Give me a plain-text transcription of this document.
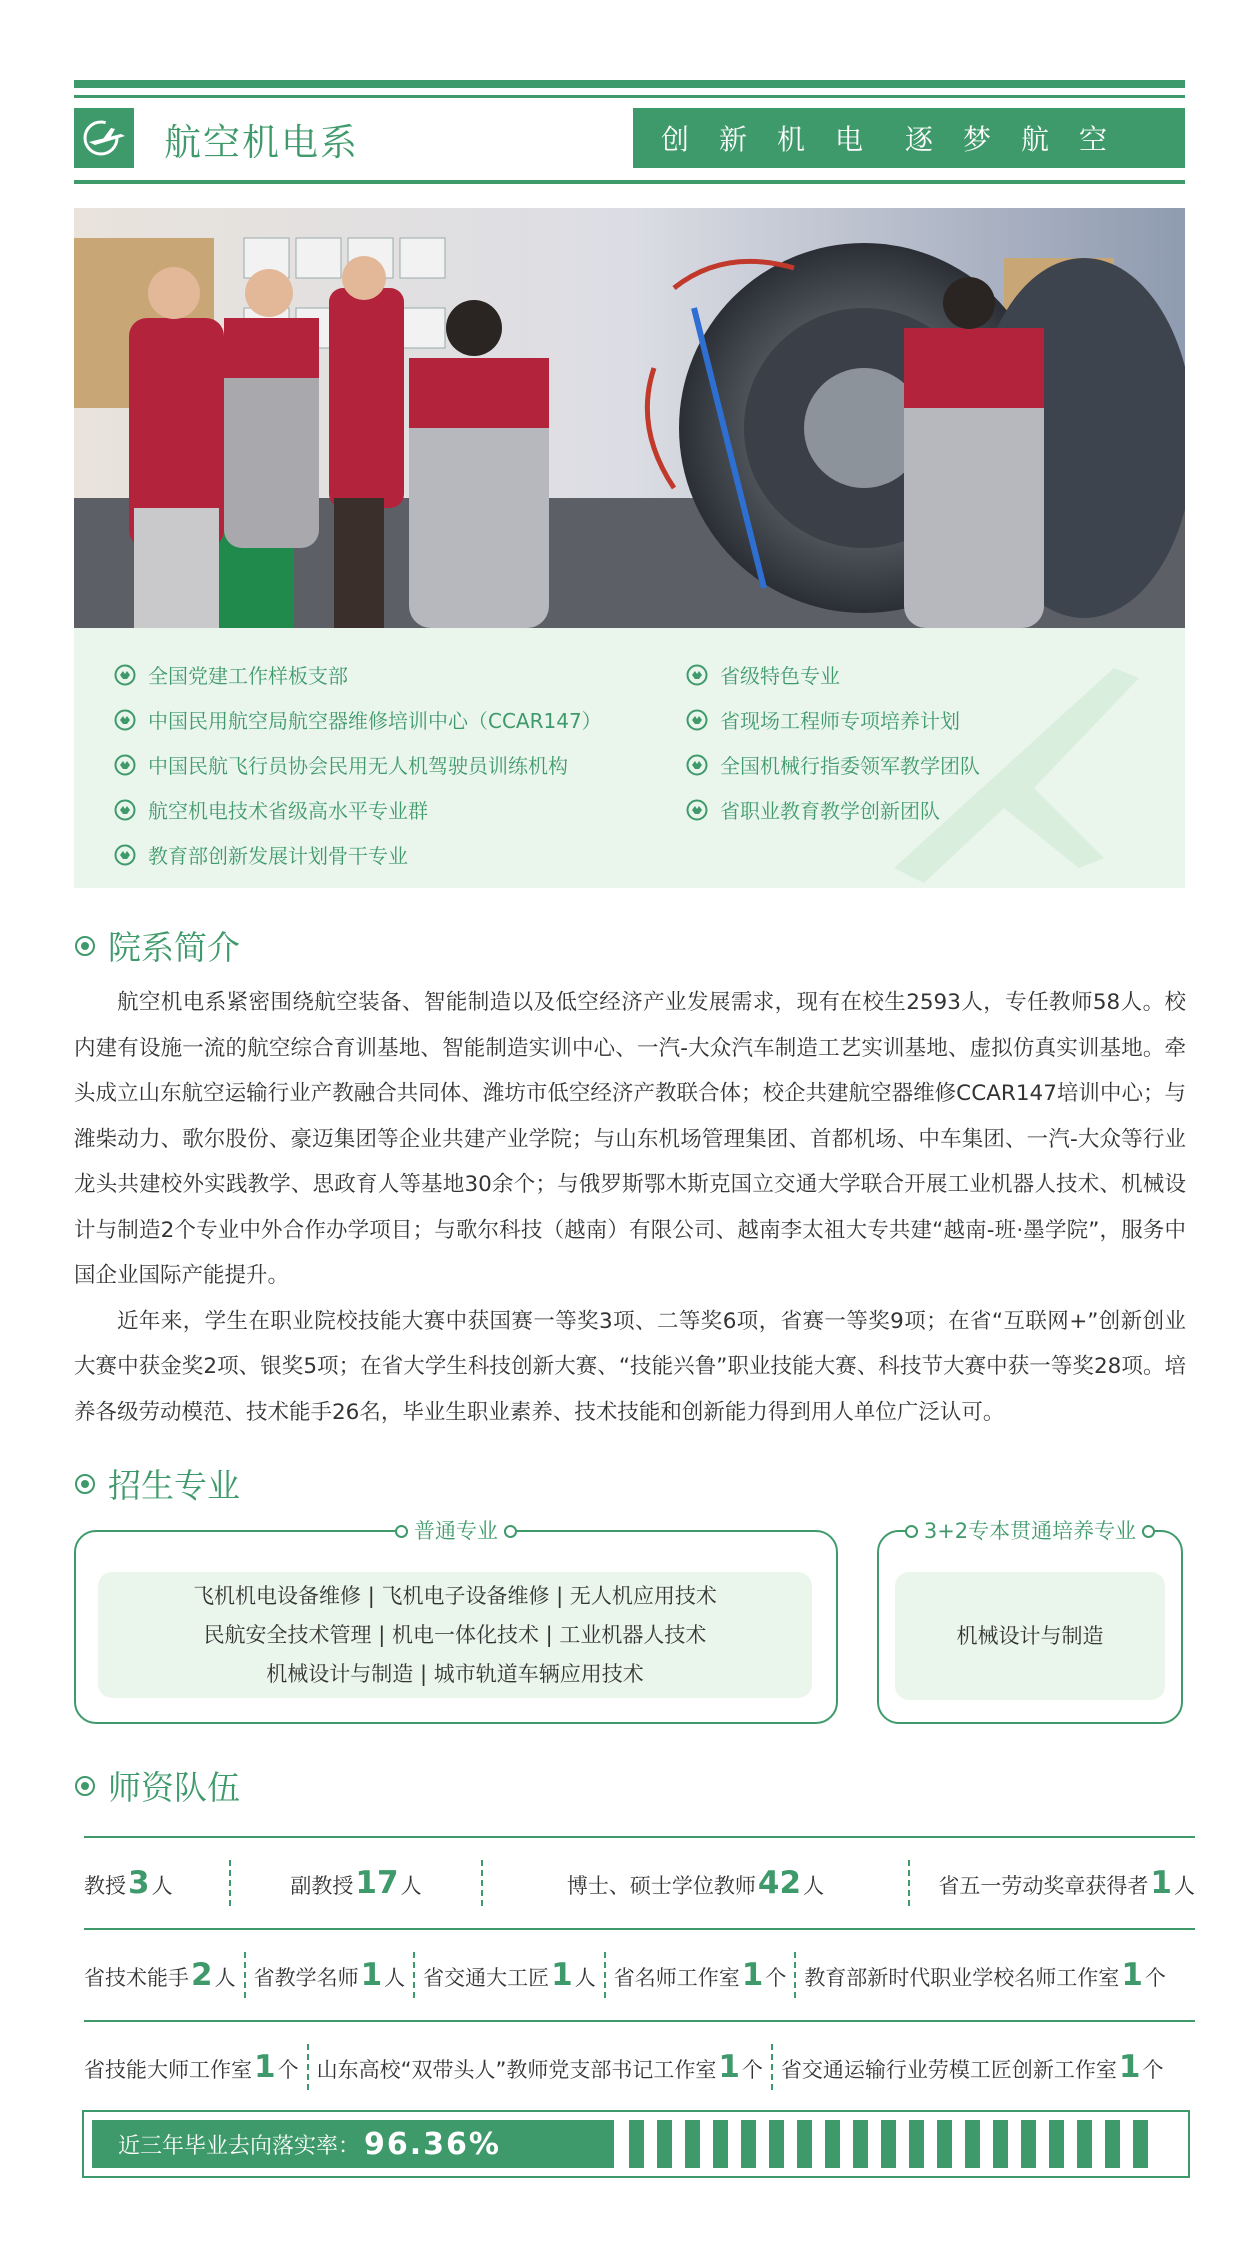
航空机电系	创新机电 逐梦航空
全国党建工作样板支部
中国民用航空局航空器维修培训中心（CCAR147）
中国民航飞行员协会民用无人机驾驶员训练机构
航空机电技术省级高水平专业群
教育部创新发展计划骨干专业
省级特色专业
省现场工程师专项培养计划
全国机械行指委领军教学团队
省职业教育教学创新团队
院系简介

航空机电系紧密围绕航空装备、智能制造以及低空经济产业发展需求，现有在校生2593人，专任教师58人。校内建有设施一流的航空综合育训基地、智能制造实训中心、一汽-大众汽车制造工艺实训基地、虚拟仿真实训基地。牵头成立山东航空运输行业产教融合共同体、潍坊市低空经济产教联合体；校企共建航空器维修CCAR147培训中心；与潍柴动力、歌尔股份、豪迈集团等企业共建产业学院；与山东机场管理集团、首都机场、中车集团、一汽-大众等行业龙头共建校外实践教学、思政育人等基地30余个；与俄罗斯鄂木斯克国立交通大学联合开展工业机器人技术、机械设计与制造2个专业中外合作办学项目；与歌尔科技（越南）有限公司、越南李太祖大专共建“越南-班·墨学院”，服务中国企业国际产能提升。

近年来，学生在职业院校技能大赛中获国赛一等奖3项、二等奖6项，省赛一等奖9项；在省“互联网+”创新创业大赛中获金奖2项、银奖5项；在省大学生科技创新大赛、“技能兴鲁”职业技能大赛、科技节大赛中获一等奖28项。培养各级劳动模范、技术能手26名，毕业生职业素养、技术技能和创新能力得到用人单位广泛认可。

招生专业
普通专业
飞机机电设备维修 | 飞机电子设备维修 | 无人机应用技术
民航安全技术管理 | 机电一体化技术 | 工业机器人技术
机械设计与制造 | 城市轨道车辆应用技术
3+2专本贯通培养专业
机械设计与制造
师资队伍
教授 3 人	副教授 17 人	博士、硕士学位教师 42 人	省五一劳动奖章获得者 1 人
省技术能手 2 人 省教学名师 1 人 省交通大工匠 1 人 省名师工作室 1 个 教育部新时代职业学校名师工作室 1 个
省技能大师工作室 1 个 山东高校“双带头人”教师党支部书记工作室 1 个 省交通运输行业劳模工匠创新工作室 1 个
近三年毕业去向落实率： 96.36%
